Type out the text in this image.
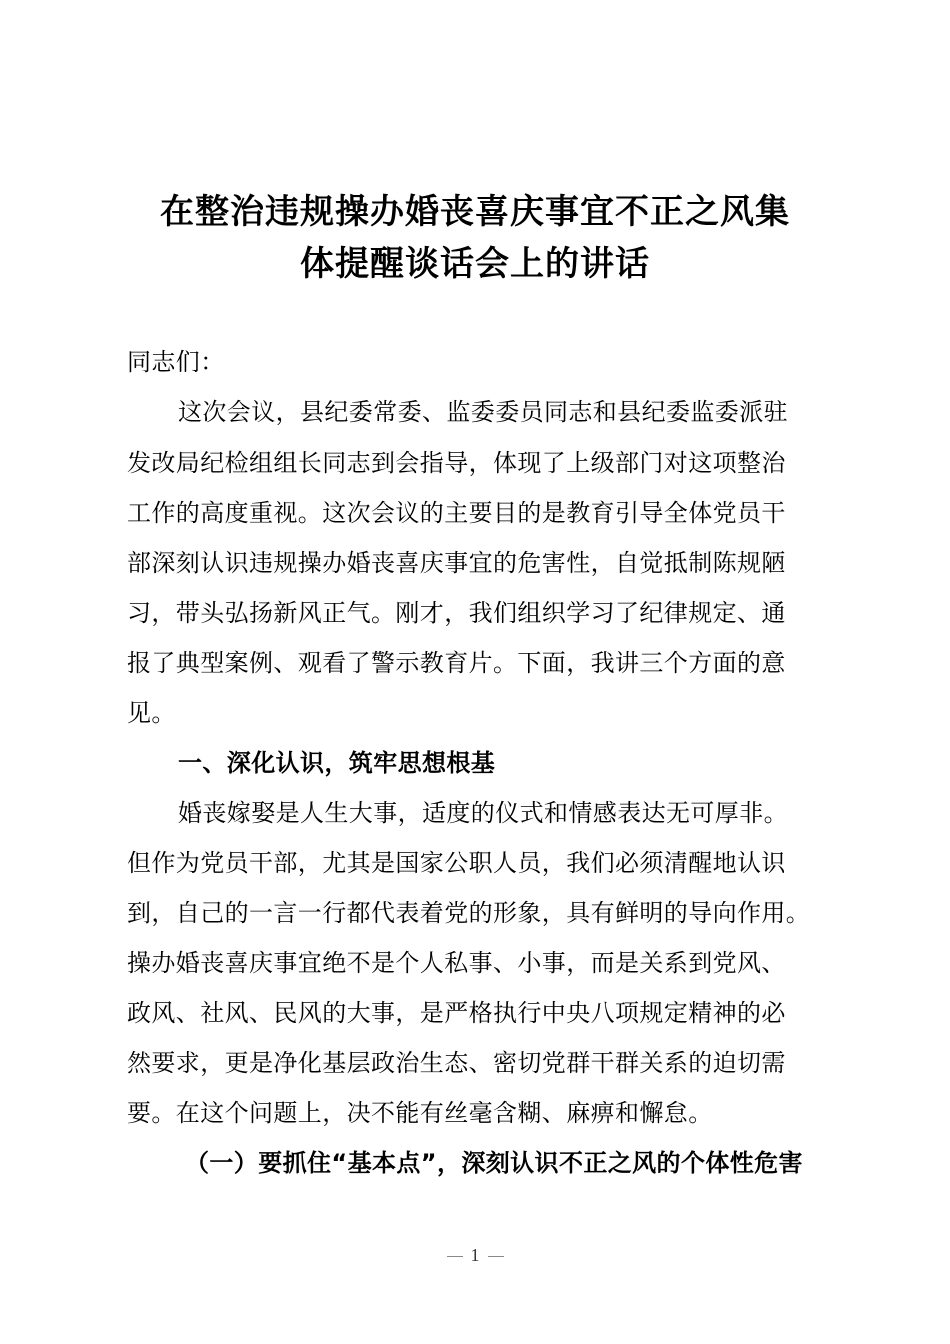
在整治违规操办婚丧喜庆事宜不正之风集
体提醒谈话会上的讲话
同志们：
这次会议，县纪委常委、监委委员同志和县纪委监委派驻
发改局纪检组组长同志到会指导，体现了上级部门对这项整治
工作的高度重视。这次会议的主要目的是教育引导全体党员干
部深刻认识违规操办婚丧喜庆事宜的危害性，自觉抵制陈规陋
习，带头弘扬新风正气。刚才，我们组织学习了纪律规定、通
报了典型案例、观看了警示教育片。下面，我讲三个方面的意
见。
一、深化认识，筑牢思想根基
婚丧嫁娶是人生大事，适度的仪式和情感表达无可厚非。
但作为党员干部，尤其是国家公职人员，我们必须清醒地认识
到，自己的一言一行都代表着党的形象，具有鲜明的导向作用。
操办婚丧喜庆事宜绝不是个人私事、小事，而是关系到党风、
政风、社风、民风的大事，是严格执行中央八项规定精神的必
然要求，更是净化基层政治生态、密切党群干群关系的迫切需
要。在这个问题上，决不能有丝毫含糊、麻痹和懈怠。
（一）要抓住“基本点”，深刻认识不正之风的个体性危害
1
